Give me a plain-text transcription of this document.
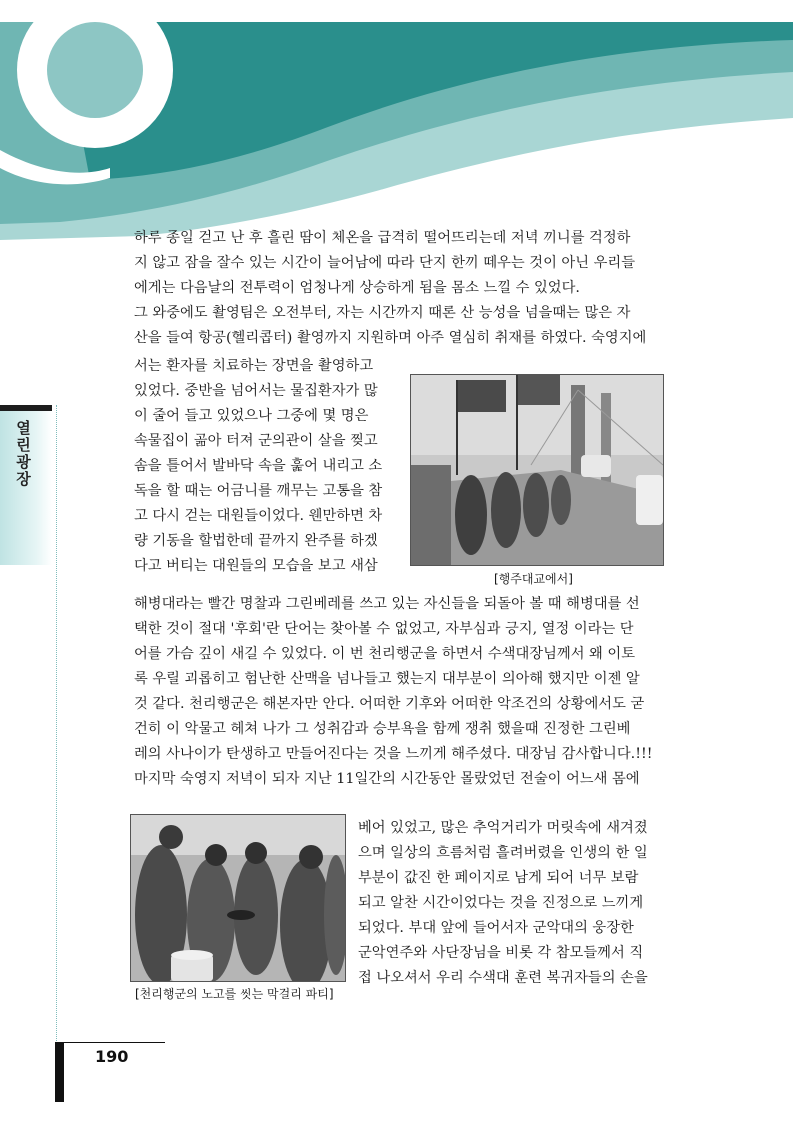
열린광장

하루 종일 걷고 난 후 흘린 땀이 체온을 급격히 떨어뜨리는데 저녁 끼니를 걱정하

지 않고 잠을 잘수 있는 시간이 늘어남에 따라 단지 한끼 떼우는 것이 아닌 우리들

에게는 다음날의 전투력이 엄청나게 상승하게 됨을 몸소 느낄 수 있었다.

그 와중에도 촬영팀은 오전부터, 자는 시간까지 때론 산 능성을 넘을때는 많은 자

산을 들여 항공(헬리콥터) 촬영까지 지원하며 아주 열심히 취재를 하였다. 숙영지에

서는 환자를 치료하는 장면을 촬영하고

있었다. 중반을 넘어서는 물집환자가 많

이 줄어 들고 있었으나 그중에 몇 명은

속물집이 곪아 터져 군의관이 살을 찢고

솜을 틀어서 발바닥 속을 훑어 내리고 소

독을 할 때는 어금니를 깨무는 고통을 참

고 다시 걷는 대원들이었다. 웬만하면 차

량 기동을 할법한데 끝까지 완주를 하겠

다고 버티는 대원들의 모습을 보고 새삼

[행주대교에서]

해병대라는 빨간 명찰과 그린베레를 쓰고 있는 자신들을 되돌아 볼 때 해병대를 선

택한 것이 절대 '후회'란 단어는 찾아볼 수 없었고, 자부심과 긍지, 열정 이라는 단

어를 가슴 깊이 새길 수 있었다. 이 번 천리행군을 하면서 수색대장님께서 왜 이토

록 우릴 괴롭히고 험난한 산맥을 넘나들고 했는지 대부분이 의아해 했지만 이젠 알

것 같다. 천리행군은 해본자만 안다. 어떠한 기후와 어떠한 악조건의 상황에서도 굳

건히 이 악물고 헤쳐 나가 그 성취감과 승부욕을 함께 쟁취 했을때 진정한 그린베

레의 사나이가 탄생하고 만들어진다는 것을 느끼게 해주셨다. 대장님 감사합니다.!!!

마지막 숙영지 저녁이 되자 지난 11일간의 시간동안 몰랐었던 전술이 어느새 몸에

[천리행군의 노고를 씻는 막걸리 파티]

베어 있었고, 많은 추억거리가 머릿속에 새겨졌

으며 일상의 흐름처럼 흘려버렸을 인생의 한 일

부분이 값진 한 페이지로 남게 되어 너무 보람

되고 알찬 시간이었다는 것을 진정으로 느끼게

되었다. 부대 앞에 들어서자 군악대의 웅장한

군악연주와 사단장님을 비롯 각 참모들께서 직

접 나오셔서 우리 수색대 훈련 복귀자들의 손을

190
